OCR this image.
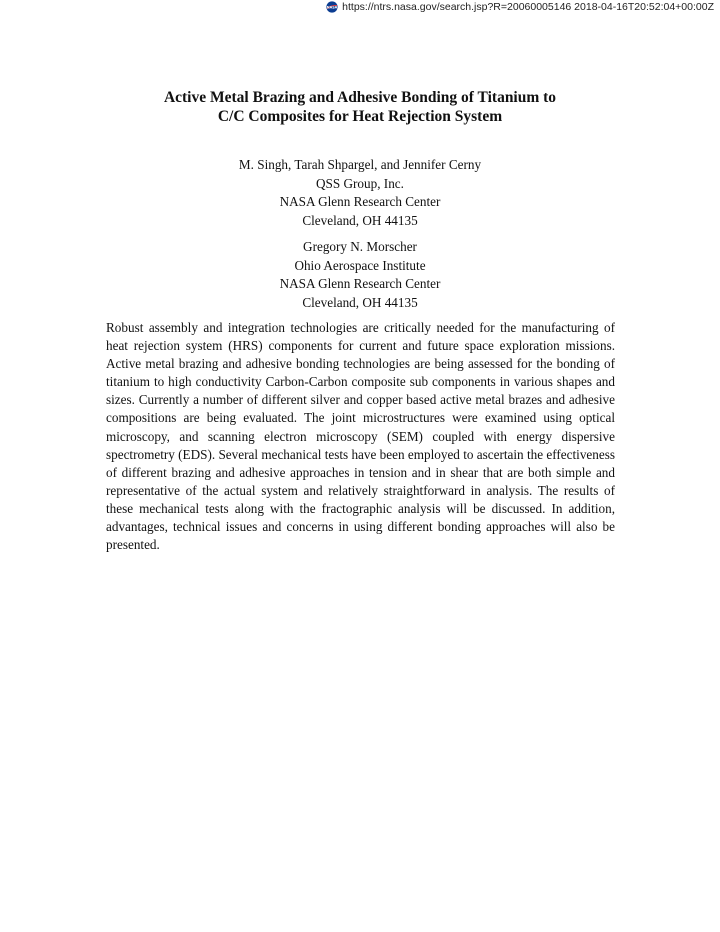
NASA https://ntrs.nasa.gov/search.jsp?R=20060005146 2018-04-16T20:52:04+00:00Z
Active Metal Brazing and Adhesive Bonding of Titanium to
C/C Composites for Heat Rejection System
M. Singh, Tarah Shpargel, and Jennifer Cerny
QSS Group, Inc.
NASA Glenn Research Center
Cleveland, OH 44135
Gregory N. Morscher
Ohio Aerospace Institute
NASA Glenn Research Center
Cleveland, OH 44135

Robust assembly and integration technologies are critically needed for the manufacturing of heat rejection system (HRS) components for current and future space exploration missions. Active metal brazing and adhesive bonding technologies are being assessed for the bonding of titanium to high conductivity Carbon-Carbon composite sub components in various shapes and sizes. Currently a number of different silver and copper based active metal brazes and adhesive compositions are being evaluated. The joint microstructures were examined using optical microscopy, and scanning electron microscopy (SEM) coupled with energy dispersive spectrometry (EDS). Several mechanical tests have been employed to ascertain the effectiveness of different brazing and adhesive approaches in tension and in shear that are both simple and representative of the actual system and relatively straightforward in analysis. The results of these mechanical tests along with the fractographic analysis will be discussed. In addition, advantages, technical issues and concerns in using different bonding approaches will also be presented.
